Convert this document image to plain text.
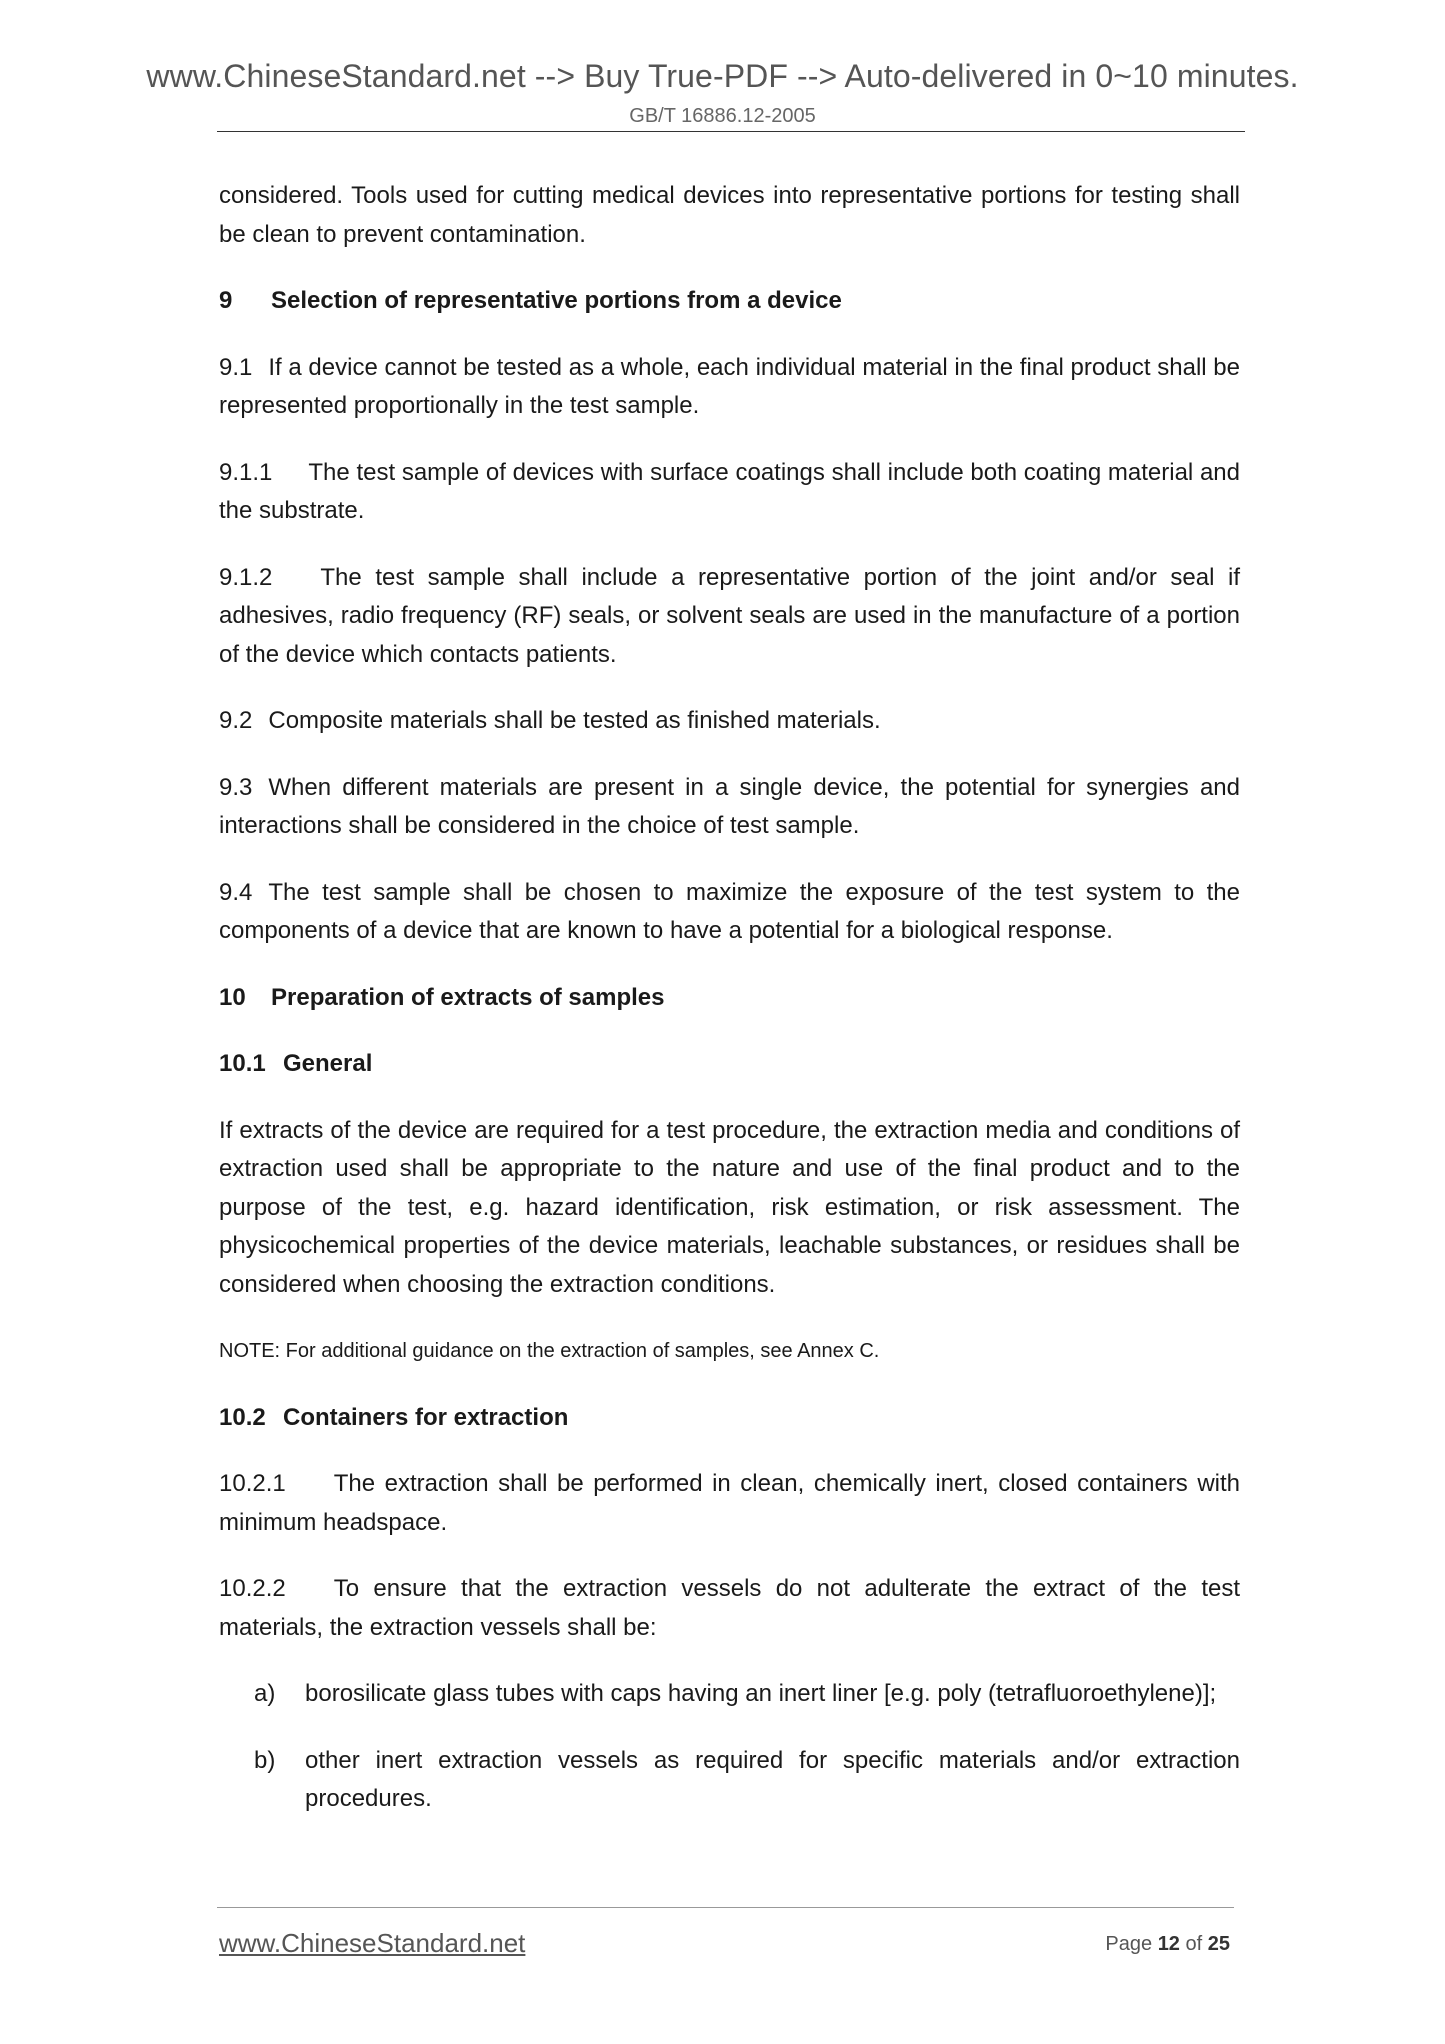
www.ChineseStandard.net --> Buy True-PDF --> Auto-delivered in 0~10 minutes.
GB/T 16886.12-2005

considered. Tools used for cutting medical devices into representative portions for testing shall be clean to prevent contamination.

9 Selection of representative portions from a device

9.1 If a device cannot be tested as a whole, each individual material in the final product shall be represented proportionally in the test sample.

9.1.1 The test sample of devices with surface coatings shall include both coating material and the substrate.

9.1.2 The test sample shall include a representative portion of the joint and/or seal if adhesives, radio frequency (RF) seals, or solvent seals are used in the manufacture of a portion of the device which contacts patients.

9.2 Composite materials shall be tested as finished materials.

9.3 When different materials are present in a single device, the potential for synergies and interactions shall be considered in the choice of test sample.

9.4 The test sample shall be chosen to maximize the exposure of the test system to the components of a device that are known to have a potential for a biological response.

10 Preparation of extracts of samples
10.1 General

If extracts of the device are required for a test procedure, the extraction media and conditions of extraction used shall be appropriate to the nature and use of the final product and to the purpose of the test, e.g. hazard identification, risk estimation, or risk assessment. The physicochemical properties of the device materials, leachable substances, or residues shall be considered when choosing the extraction conditions.

NOTE: For additional guidance on the extraction of samples, see Annex C.

10.2 Containers for extraction

10.2.1 The extraction shall be performed in clean, chemically inert, closed containers with minimum headspace.

10.2.2 To ensure that the extraction vessels do not adulterate the extract of the test materials, the extraction vessels shall be:

a)	borosilicate glass tubes with caps having an inert liner [e.g. poly (tetrafluoroethylene)];
b)	other inert extraction vessels as required for specific materials and/or extraction procedures.
www.ChineseStandard.net	Page 12 of 25
